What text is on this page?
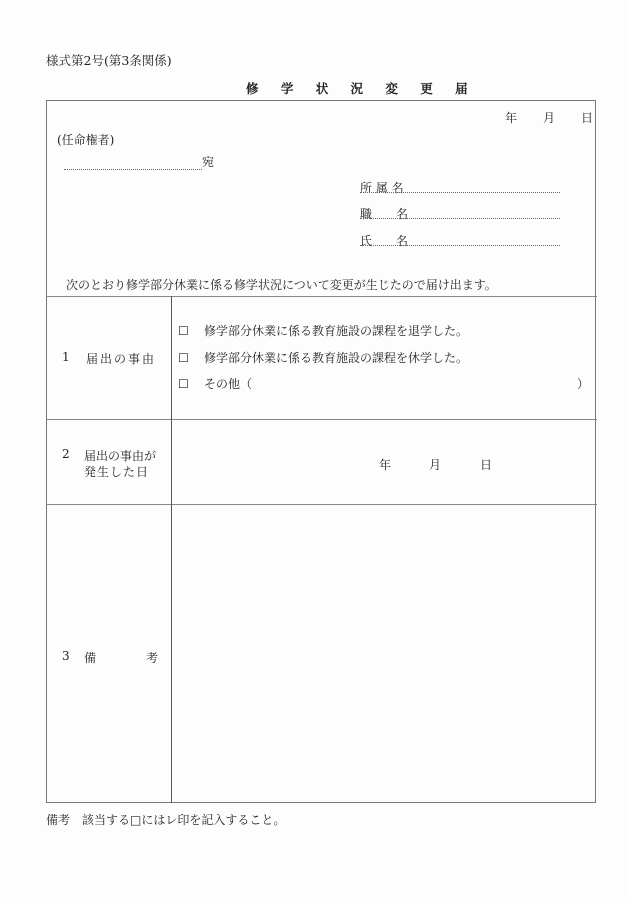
様式第2号(第3条関係)
修 学 状 況 変 更 届
年 月 日
(任命権者)
宛
所 属 名
職　　名
氏　　名
次のとおり修学部分休業に係る修学状況について変更が生じたので届け出ます。
1 届出の事由
☐ 修学部分休業に係る教育施設の課程を退学した。
☐ 修学部分休業に係る教育施設の課程を休学した。
☐ その他（	）
2 届出の事由が
発生した日	年	月	日
3 備	考
備考　該当する□にはレ印を記入すること。
